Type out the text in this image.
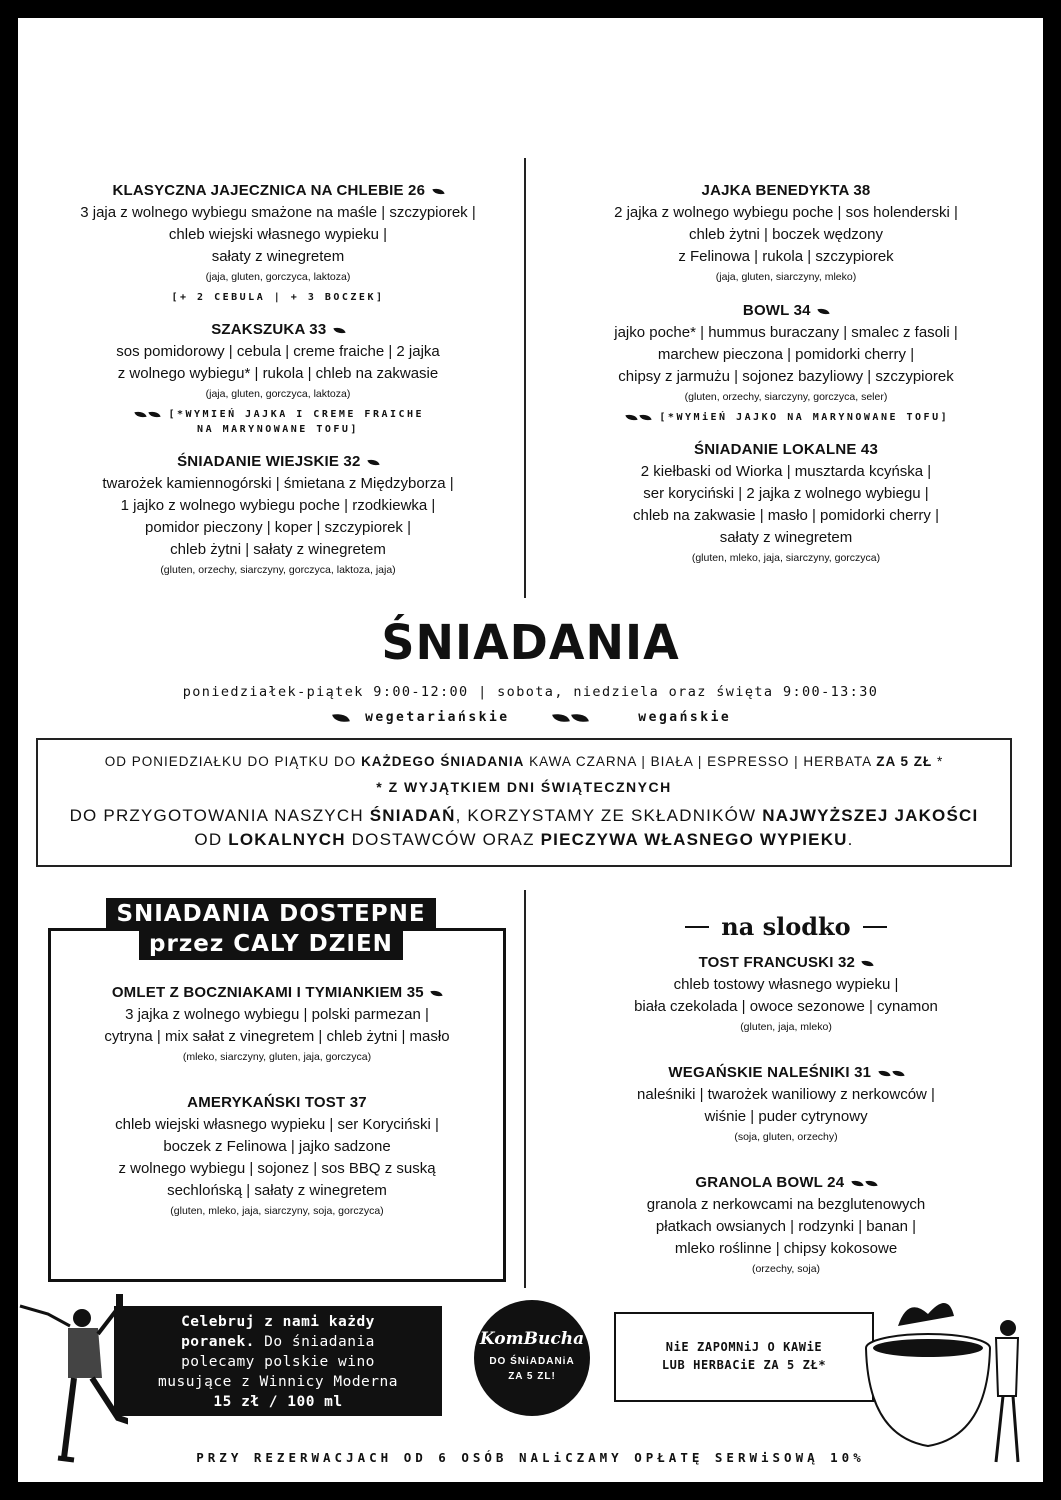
KLASYCZNA JAJECZNICA NA CHLEBIE 26
3 jaja z wolnego wybiegu smażone na maśle | szczypiorek |
chleb wiejski własnego wypieku |
sałaty z winegretem
(jaja, gluten, gorczyca, laktoza)
[+ 2 CEBULA | + 3 BOCZEK]
SZAKSZUKA 33
sos pomidorowy | cebula | creme fraiche | 2 jajka
z wolnego wybiegu* | rukola | chleb na zakwasie
(jaja, gluten, gorczyca, laktoza)
[*WYMIEŃ JAJKA I CREME FRAICHE
NA MARYNOWANE TOFU]
ŚNIADANIE WIEJSKIE 32
twarożek kamiennogórski | śmietana z Międzyborza |
1 jajko z wolnego wybiegu poche | rzodkiewka |
pomidor pieczony | koper | szczypiorek |
chleb żytni | sałaty z winegretem
(gluten, orzechy, siarczyny, gorczyca, laktoza, jaja)
JAJKA BENEDYKTA 38
2 jajka z wolnego wybiegu poche | sos holenderski |
chleb żytni | boczek wędzony
z Felinowa | rukola | szczypiorek
(jaja, gluten, siarczyny, mleko)
BOWL 34
jajko poche* | hummus buraczany | smalec z fasoli |
marchew pieczona | pomidorki cherry |
chipsy z jarmużu | sojonez bazyliowy | szczypiorek
(gluten, orzechy, siarczyny, gorczyca, seler)
[*WYMiEŃ JAJKO NA MARYNOWANE TOFU]
ŚNIADANIE LOKALNE 43
2 kiełbaski od Wiorka | musztarda kcyńska |
ser koryciński | 2 jajka z wolnego wybiegu |
chleb na zakwasie | masło | pomidorki cherry |
sałaty z winegretem
(gluten, mleko, jaja, siarczyny, gorczyca)
ŚNIADANIA
poniedziałek-piątek 9:00-12:00 | sobota, niedziela oraz święta 9:00-13:30
wegetariańskie	wegańskie
OD PONIEDZIAŁKU DO PIĄTKU DO KAŻDEGO ŚNIADANIA KAWA CZARNA | BIAŁA | ESPRESSO | HERBATA ZA 5 ZŁ *
* Z WYJĄTKIEM DNI ŚWIĄTECZNYCH
DO PRZYGOTOWANIA NASZYCH ŚNIADAŃ, KORZYSTAMY ZE SKŁADNIKÓW NAJWYŻSZEJ JAKOŚCI
OD LOKALNYCH DOSTAWCÓW ORAZ PIECZYWA WŁASNEGO WYPIEKU.
SNIADANIA DOSTEPNE
przez CALY DZIEN
OMLET Z BOCZNIAKAMI I TYMIANKIEM 35
3 jajka z wolnego wybiegu | polski parmezan |
cytryna | mix sałat z vinegretem | chleb żytni | masło
(mleko, siarczyny, gluten, jaja, gorczyca)
AMERYKAŃSKI TOST 37
chleb wiejski własnego wypieku | ser Koryciński |
boczek z Felinowa | jajko sadzone
z wolnego wybiegu | sojonez | sos BBQ z suską
sechlońską | sałaty z winegretem
(gluten, mleko, jaja, siarczyny, soja, gorczyca)
na slodko
TOST FRANCUSKI 32
chleb tostowy własnego wypieku |
biała czekolada | owoce sezonowe | cynamon
(gluten, jaja, mleko)
WEGAŃSKIE NALEŚNIKI 31
naleśniki | twarożek waniliowy z nerkowców |
wiśnie | puder cytrynowy
(soja, gluten, orzechy)
GRANOLA BOWL 24
granola z nerkowcami na bezglutenowych
płatkach owsianych | rodzynki | banan |
mleko roślinne | chipsy kokosowe
(orzechy, soja)
Celebruj z nami każdy
poranek. Do śniadania
polecamy polskie wino
musujące z Winnicy Moderna
15 zł / 100 ml
KomBucha
DO ŚNiADANiA
ZA 5 ZL!
NiE ZAPOMNiJ O KAWiE
LUB HERBACiE ZA 5 ZŁ*
PRZY REZERWACJACH OD 6 OSÓB NALiCZAMY OPŁATĘ SERWiSOWĄ 10%
